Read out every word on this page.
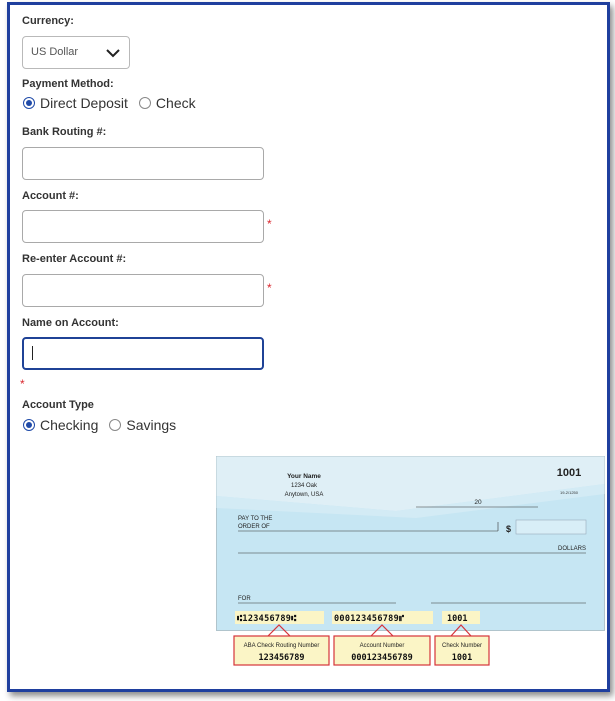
Currency:
US Dollar
Payment Method:
Direct Deposit Check
Bank Routing #:
Account #:
*
Re-enter Account #:
*
Name on Account:
*
Account Type
Checking Savings
Your Name
1234 Oak
Anytown, USA
1001
19-2/1250
20
PAY TO THE
ORDER OF	$
DOLLARS
FOR
⑆123456789⑆	000123456789⑈	1001
ABA Check Routing Number
123456789
Account Number
000123456789
Check Number
1001
